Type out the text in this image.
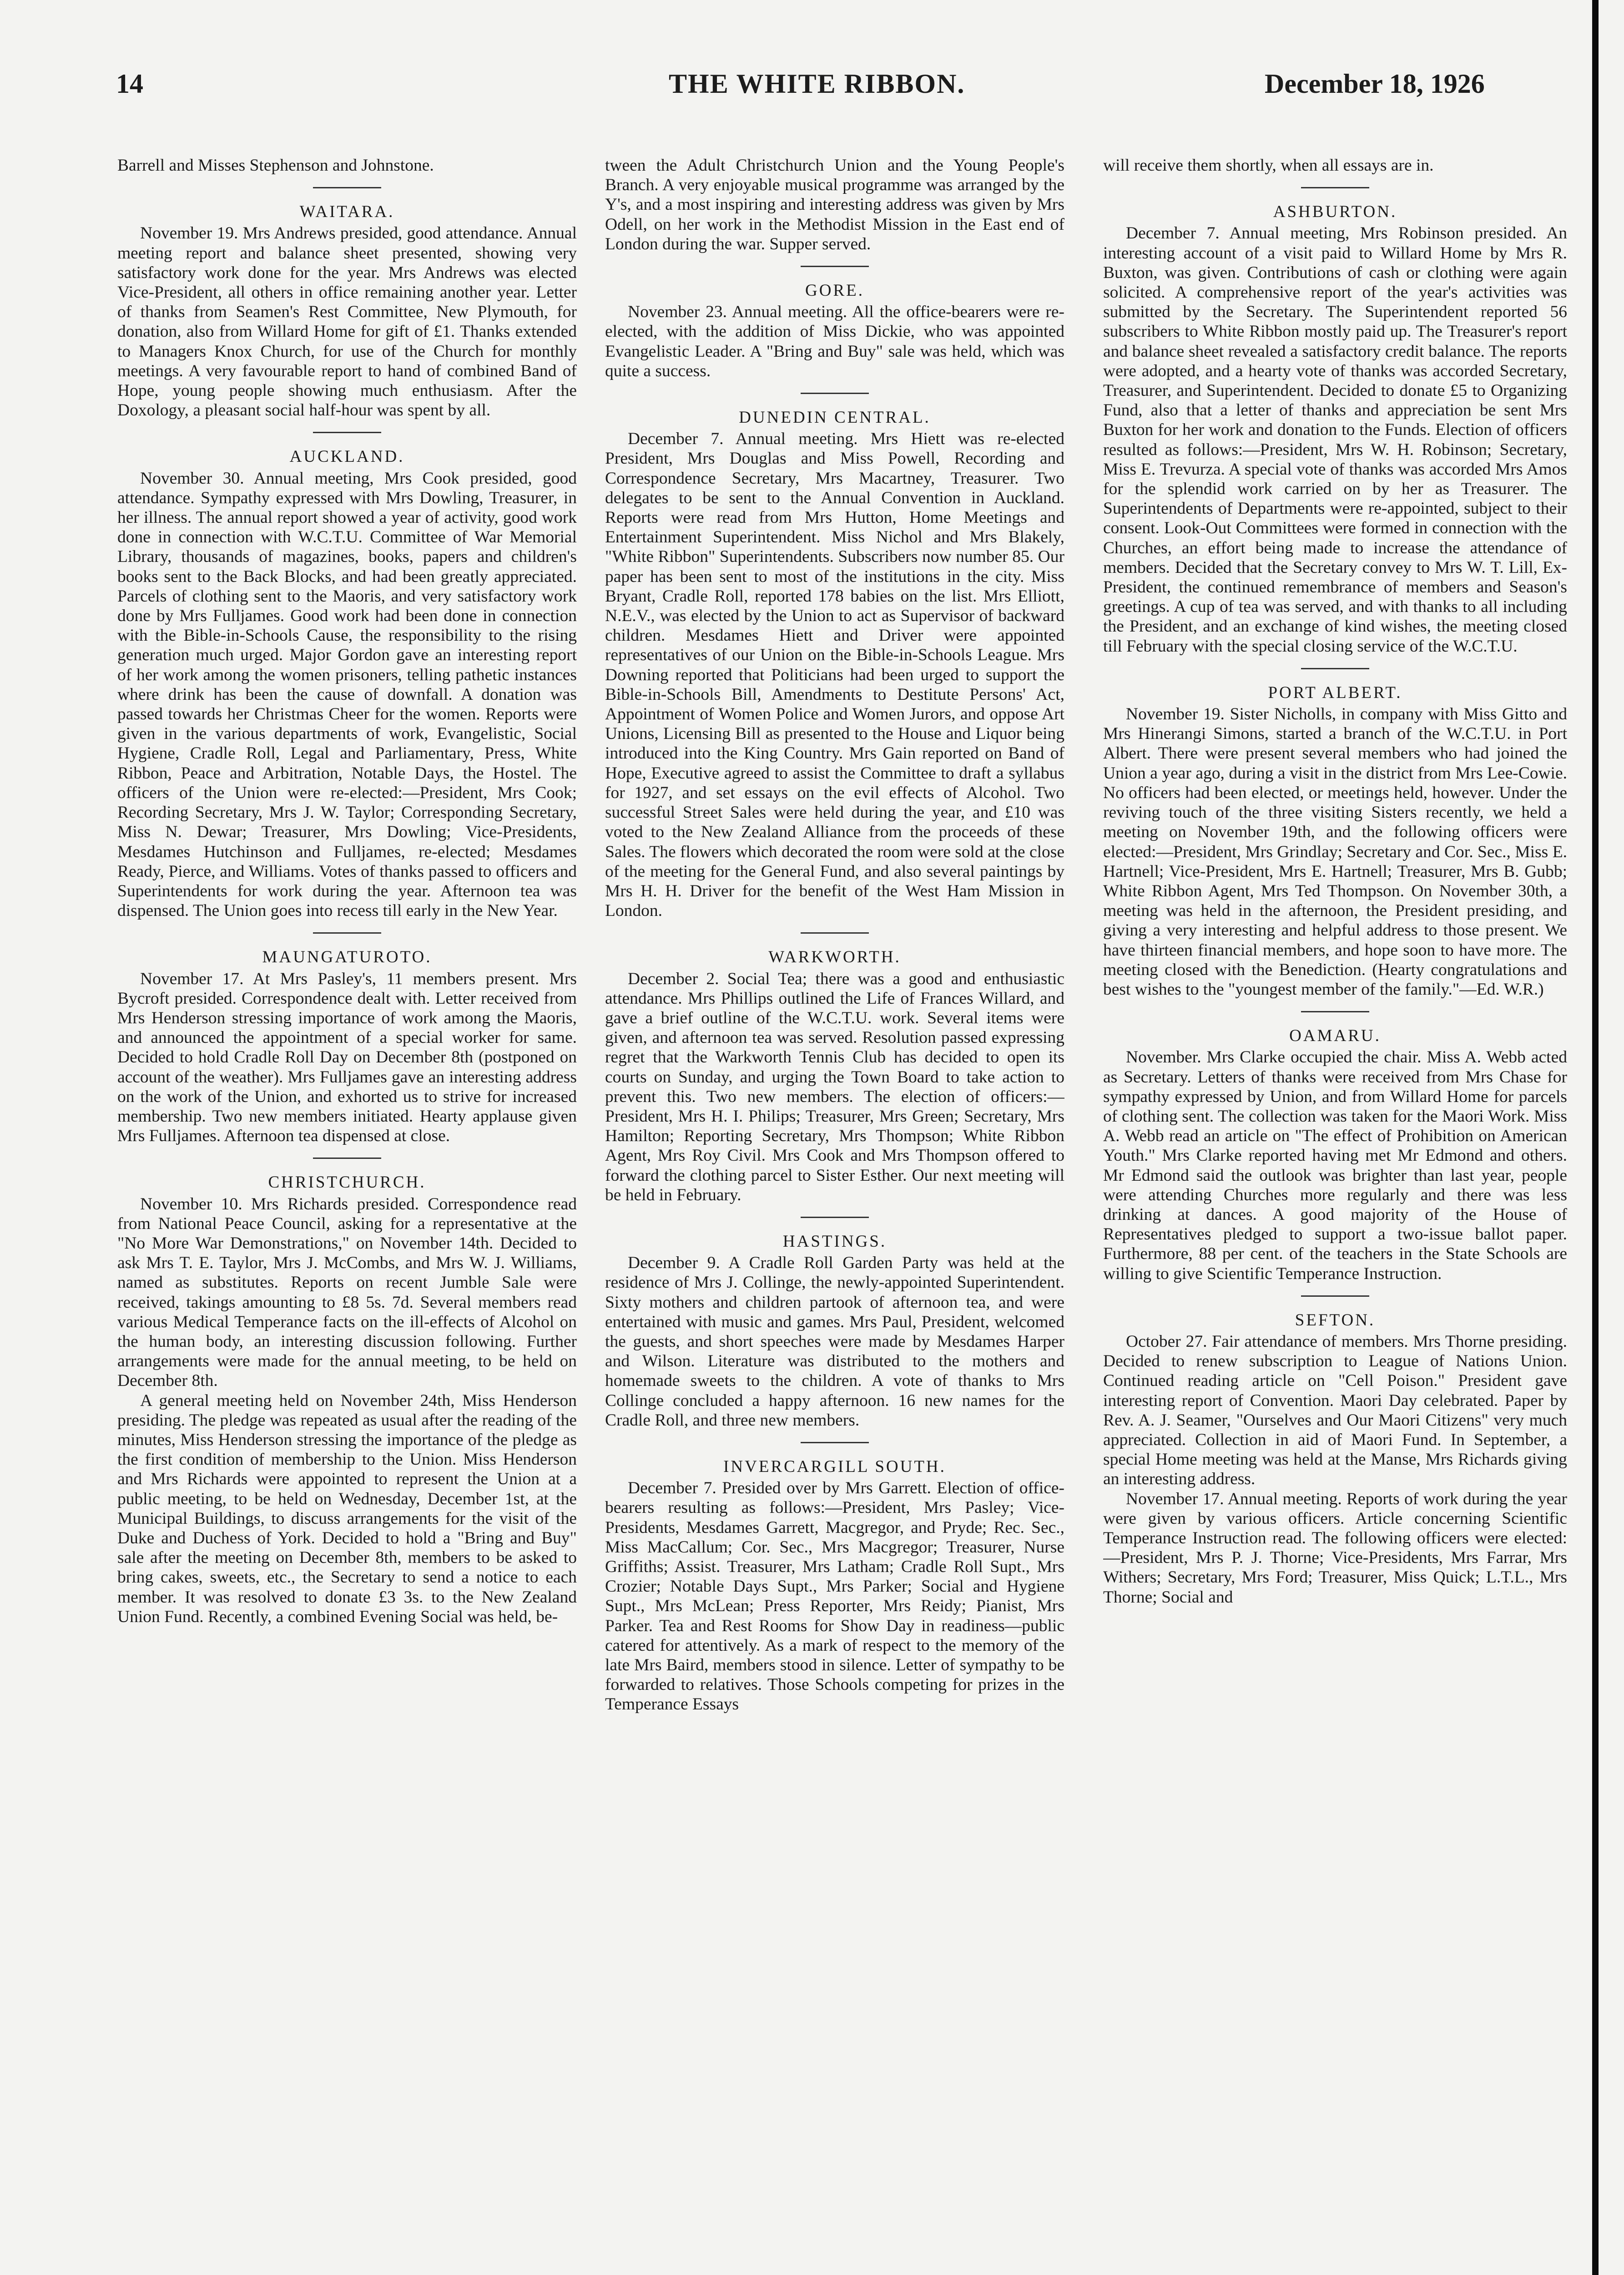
14	THE WHITE RIBBON.	December 18, 1926

Barrell and Misses Stephenson and Johnstone.

WAITARA.

November 19. Mrs Andrews presided, good attendance. Annual meeting report and balance sheet presented, showing very satisfactory work done for the year. Mrs Andrews was elected Vice-President, all others in office remaining another year. Letter of thanks from Seamen's Rest Committee, New Plymouth, for donation, also from Willard Home for gift of £1. Thanks extended to Managers Knox Church, for use of the Church for monthly meetings. A very favourable report to hand of combined Band of Hope, young people showing much enthusiasm. After the Doxology, a pleasant social half-hour was spent by all.

AUCKLAND.

November 30. Annual meeting, Mrs Cook presided, good attendance. Sympathy expressed with Mrs Dowling, Treasurer, in her illness. The annual report showed a year of activity, good work done in connection with W.C.T.U. Committee of War Memorial Library, thousands of magazines, books, papers and children's books sent to the Back Blocks, and had been greatly appreciated. Parcels of clothing sent to the Maoris, and very satisfactory work done by Mrs Fulljames. Good work had been done in connection with the Bible-in-Schools Cause, the responsibility to the rising generation much urged. Major Gordon gave an interesting report of her work among the women prisoners, telling pathetic instances where drink has been the cause of downfall. A donation was passed towards her Christmas Cheer for the women. Reports were given in the various departments of work, Evangelistic, Social Hygiene, Cradle Roll, Legal and Parliamentary, Press, White Ribbon, Peace and Arbitration, Notable Days, the Hostel. The officers of the Union were re-elected:—President, Mrs Cook; Recording Secretary, Mrs J. W. Taylor; Corresponding Secretary, Miss N. Dewar; Treasurer, Mrs Dowling; Vice-Presidents, Mesdames Hutchinson and Fulljames, re-elected; Mesdames Ready, Pierce, and Williams. Votes of thanks passed to officers and Superintendents for work during the year. Afternoon tea was dispensed. The Union goes into recess till early in the New Year.

MAUNGATUROTO.

November 17. At Mrs Pasley's, 11 members present. Mrs Bycroft presided. Correspondence dealt with. Letter received from Mrs Henderson stressing importance of work among the Maoris, and announced the appointment of a special worker for same. Decided to hold Cradle Roll Day on December 8th (postponed on account of the weather). Mrs Fulljames gave an interesting address on the work of the Union, and exhorted us to strive for increased membership. Two new members initiated. Hearty applause given Mrs Fulljames. Afternoon tea dispensed at close.

CHRISTCHURCH.

November 10. Mrs Richards presided. Correspondence read from National Peace Council, asking for a representative at the "No More War Demonstrations," on November 14th. Decided to ask Mrs T. E. Taylor, Mrs J. McCombs, and Mrs W. J. Williams, named as substitutes. Reports on recent Jumble Sale were received, takings amounting to £8 5s. 7d. Several members read various Medical Temperance facts on the ill-effects of Alcohol on the human body, an interesting discussion following. Further arrangements were made for the annual meeting, to be held on December 8th.

A general meeting held on November 24th, Miss Henderson presiding. The pledge was repeated as usual after the reading of the minutes, Miss Henderson stressing the importance of the pledge as the first condition of membership to the Union. Miss Henderson and Mrs Richards were appointed to represent the Union at a public meeting, to be held on Wednesday, December 1st, at the Municipal Buildings, to discuss arrangements for the visit of the Duke and Duchess of York. Decided to hold a "Bring and Buy" sale after the meeting on December 8th, members to be asked to bring cakes, sweets, etc., the Secretary to send a notice to each member. It was resolved to donate £3 3s. to the New Zealand Union Fund. Recently, a combined Evening Social was held, be-

tween the Adult Christchurch Union and the Young People's Branch. A very enjoyable musical programme was arranged by the Y's, and a most inspiring and interesting address was given by Mrs Odell, on her work in the Methodist Mission in the East end of London during the war. Supper served.

GORE.

November 23. Annual meeting. All the office-bearers were re-elected, with the addition of Miss Dickie, who was appointed Evangelistic Leader. A "Bring and Buy" sale was held, which was quite a success.

DUNEDIN CENTRAL.

December 7. Annual meeting. Mrs Hiett was re-elected President, Mrs Douglas and Miss Powell, Recording and Correspondence Secretary, Mrs Macartney, Treasurer. Two delegates to be sent to the Annual Convention in Auckland. Reports were read from Mrs Hutton, Home Meetings and Entertainment Superintendent. Miss Nichol and Mrs Blakely, "White Ribbon" Superintendents. Subscribers now number 85. Our paper has been sent to most of the institutions in the city. Miss Bryant, Cradle Roll, reported 178 babies on the list. Mrs Elliott, N.E.V., was elected by the Union to act as Supervisor of backward children. Mesdames Hiett and Driver were appointed representatives of our Union on the Bible-in-Schools League. Mrs Downing reported that Politicians had been urged to support the Bible-in-Schools Bill, Amendments to Destitute Persons' Act, Appointment of Women Police and Women Jurors, and oppose Art Unions, Licensing Bill as presented to the House and Liquor being introduced into the King Country. Mrs Gain reported on Band of Hope, Executive agreed to assist the Committee to draft a syllabus for 1927, and set essays on the evil effects of Alcohol. Two successful Street Sales were held during the year, and £10 was voted to the New Zealand Alliance from the proceeds of these Sales. The flowers which decorated the room were sold at the close of the meeting for the General Fund, and also several paintings by Mrs H. H. Driver for the benefit of the West Ham Mission in London.

WARKWORTH.

December 2. Social Tea; there was a good and enthusiastic attendance. Mrs Phillips outlined the Life of Frances Willard, and gave a brief outline of the W.C.T.U. work. Several items were given, and afternoon tea was served. Resolution passed expressing regret that the Warkworth Tennis Club has decided to open its courts on Sunday, and urging the Town Board to take action to prevent this. Two new members. The election of officers:—President, Mrs H. I. Philips; Treasurer, Mrs Green; Secretary, Mrs Hamilton; Reporting Secretary, Mrs Thompson; White Ribbon Agent, Mrs Roy Civil. Mrs Cook and Mrs Thompson offered to forward the clothing parcel to Sister Esther. Our next meeting will be held in February.

HASTINGS.

December 9. A Cradle Roll Garden Party was held at the residence of Mrs J. Collinge, the newly-appointed Superintendent. Sixty mothers and children partook of afternoon tea, and were entertained with music and games. Mrs Paul, President, welcomed the guests, and short speeches were made by Mesdames Harper and Wilson. Literature was distributed to the mothers and homemade sweets to the children. A vote of thanks to Mrs Collinge concluded a happy afternoon. 16 new names for the Cradle Roll, and three new members.

INVERCARGILL SOUTH.

December 7. Presided over by Mrs Garrett. Election of office-bearers resulting as follows:—President, Mrs Pasley; Vice-Presidents, Mesdames Garrett, Macgregor, and Pryde; Rec. Sec., Miss MacCallum; Cor. Sec., Mrs Macgregor; Treasurer, Nurse Griffiths; Assist. Treasurer, Mrs Latham; Cradle Roll Supt., Mrs Crozier; Notable Days Supt., Mrs Parker; Social and Hygiene Supt., Mrs McLean; Press Reporter, Mrs Reidy; Pianist, Mrs Parker. Tea and Rest Rooms for Show Day in readiness—public catered for attentively. As a mark of respect to the memory of the late Mrs Baird, members stood in silence. Letter of sympathy to be forwarded to relatives. Those Schools competing for prizes in the Temperance Essays

will receive them shortly, when all essays are in.

ASHBURTON.

December 7. Annual meeting, Mrs Robinson presided. An interesting account of a visit paid to Willard Home by Mrs R. Buxton, was given. Contributions of cash or clothing were again solicited. A comprehensive report of the year's activities was submitted by the Secretary. The Superintendent reported 56 subscribers to White Ribbon mostly paid up. The Treasurer's report and balance sheet revealed a satisfactory credit balance. The reports were adopted, and a hearty vote of thanks was accorded Secretary, Treasurer, and Superintendent. Decided to donate £5 to Organizing Fund, also that a letter of thanks and appreciation be sent Mrs Buxton for her work and donation to the Funds. Election of officers resulted as follows:—President, Mrs W. H. Robinson; Secretary, Miss E. Trevurza. A special vote of thanks was accorded Mrs Amos for the splendid work carried on by her as Treasurer. The Superintendents of Departments were re-appointed, subject to their consent. Look-Out Committees were formed in connection with the Churches, an effort being made to increase the attendance of members. Decided that the Secretary convey to Mrs W. T. Lill, Ex-President, the continued remembrance of members and Season's greetings. A cup of tea was served, and with thanks to all including the President, and an exchange of kind wishes, the meeting closed till February with the special closing service of the W.C.T.U.

PORT ALBERT.

November 19. Sister Nicholls, in company with Miss Gitto and Mrs Hinerangi Simons, started a branch of the W.C.T.U. in Port Albert. There were present several members who had joined the Union a year ago, during a visit in the district from Mrs Lee-Cowie. No officers had been elected, or meetings held, however. Under the reviving touch of the three visiting Sisters recently, we held a meeting on November 19th, and the following officers were elected:—President, Mrs Grindlay; Secretary and Cor. Sec., Miss E. Hartnell; Vice-President, Mrs E. Hartnell; Treasurer, Mrs B. Gubb; White Ribbon Agent, Mrs Ted Thompson. On November 30th, a meeting was held in the afternoon, the President presiding, and giving a very interesting and helpful address to those present. We have thirteen financial members, and hope soon to have more. The meeting closed with the Benediction. (Hearty congratulations and best wishes to the "youngest member of the family."—Ed. W.R.)

OAMARU.

November. Mrs Clarke occupied the chair. Miss A. Webb acted as Secretary. Letters of thanks were received from Mrs Chase for sympathy expressed by Union, and from Willard Home for parcels of clothing sent. The collection was taken for the Maori Work. Miss A. Webb read an article on "The effect of Prohibition on American Youth." Mrs Clarke reported having met Mr Edmond and others. Mr Edmond said the outlook was brighter than last year, people were attending Churches more regularly and there was less drinking at dances. A good majority of the House of Representatives pledged to support a two-issue ballot paper. Furthermore, 88 per cent. of the teachers in the State Schools are willing to give Scientific Temperance Instruction.

SEFTON.

October 27. Fair attendance of members. Mrs Thorne presiding. Decided to renew subscription to League of Nations Union. Continued reading article on "Cell Poison." President gave interesting report of Convention. Maori Day celebrated. Paper by Rev. A. J. Seamer, "Ourselves and Our Maori Citizens" very much appreciated. Collection in aid of Maori Fund. In September, a special Home meeting was held at the Manse, Mrs Richards giving an interesting address.

November 17. Annual meeting. Reports of work during the year were given by various officers. Article concerning Scientific Temperance Instruction read. The following officers were elected:—President, Mrs P. J. Thorne; Vice-Presidents, Mrs Farrar, Mrs Withers; Secretary, Mrs Ford; Treasurer, Miss Quick; L.T.L., Mrs Thorne; Social and
